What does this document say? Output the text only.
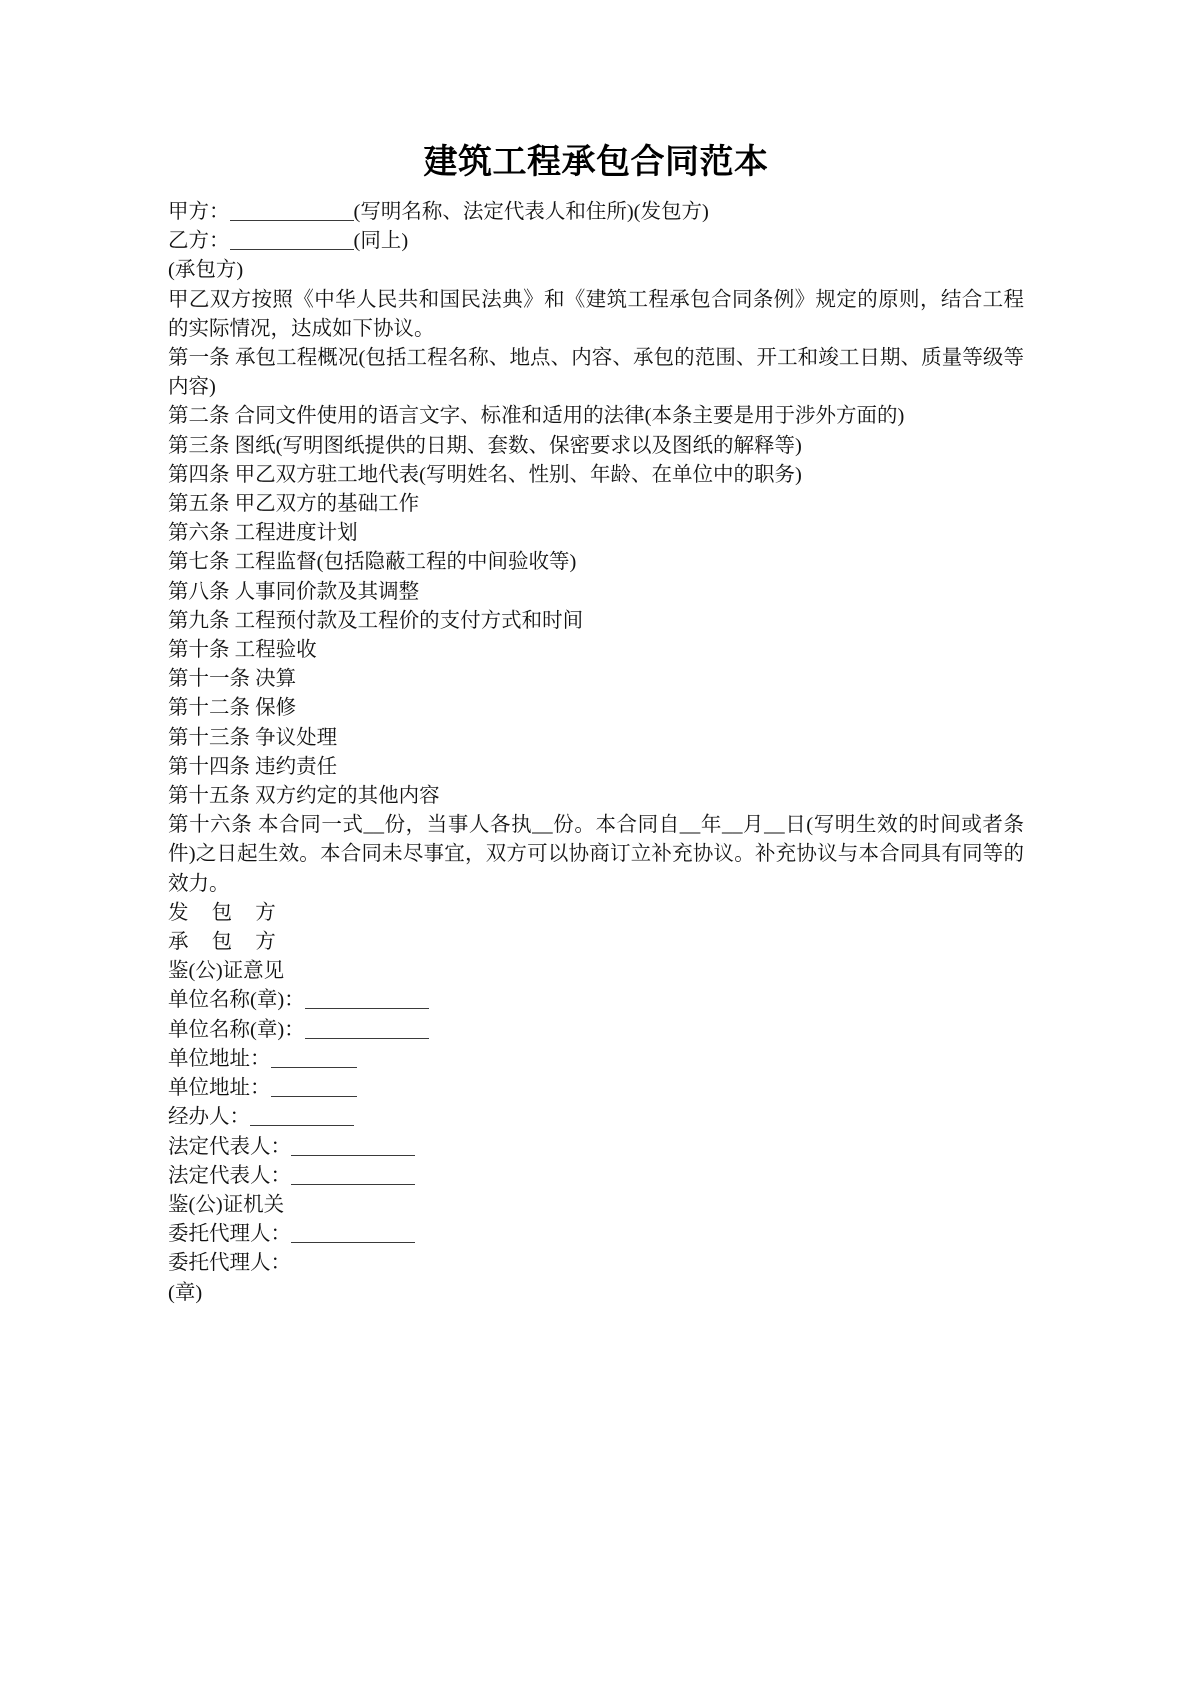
建筑工程承包合同范本

甲方：	(写明名称、法定代表人和住所)(发包方)

乙方：	(同上)

(承包方)

甲乙双方按照《中华人民共和国民法典》和《建筑工程承包合同条例》规定的原则，结合工程的实际情况，达成如下协议。

第一条 承包工程概况(包括工程名称、地点、内容、承包的范围、开工和竣工日期、质量等级等内容)

第二条 合同文件使用的语言文字、标准和适用的法律(本条主要是用于涉外方面的)

第三条 图纸(写明图纸提供的日期、套数、保密要求以及图纸的解释等)

第四条 甲乙双方驻工地代表(写明姓名、性别、年龄、在单位中的职务)

第五条 甲乙双方的基础工作

第六条 工程进度计划

第七条 工程监督(包括隐蔽工程的中间验收等)

第八条 人事同价款及其调整

第九条 工程预付款及工程价的支付方式和时间

第十条 工程验收

第十一条 决算

第十二条 保修

第十三条 争议处理

第十四条 违约责任

第十五条 双方约定的其他内容

第十六条 本合同一式__份，当事人各执__份。本合同自__年__月__日(写明生效的时间或者条件)之日起生效。本合同未尽事宜，双方可以协商订立补充协议。补充协议与本合同具有同等的效力。

发 包 方

承 包 方

鉴(公)证意见

单位名称(章)：

单位名称(章)：

单位地址：

单位地址：

经办人：

法定代表人：

法定代表人：

鉴(公)证机关

委托代理人：

委托代理人：

(章)
